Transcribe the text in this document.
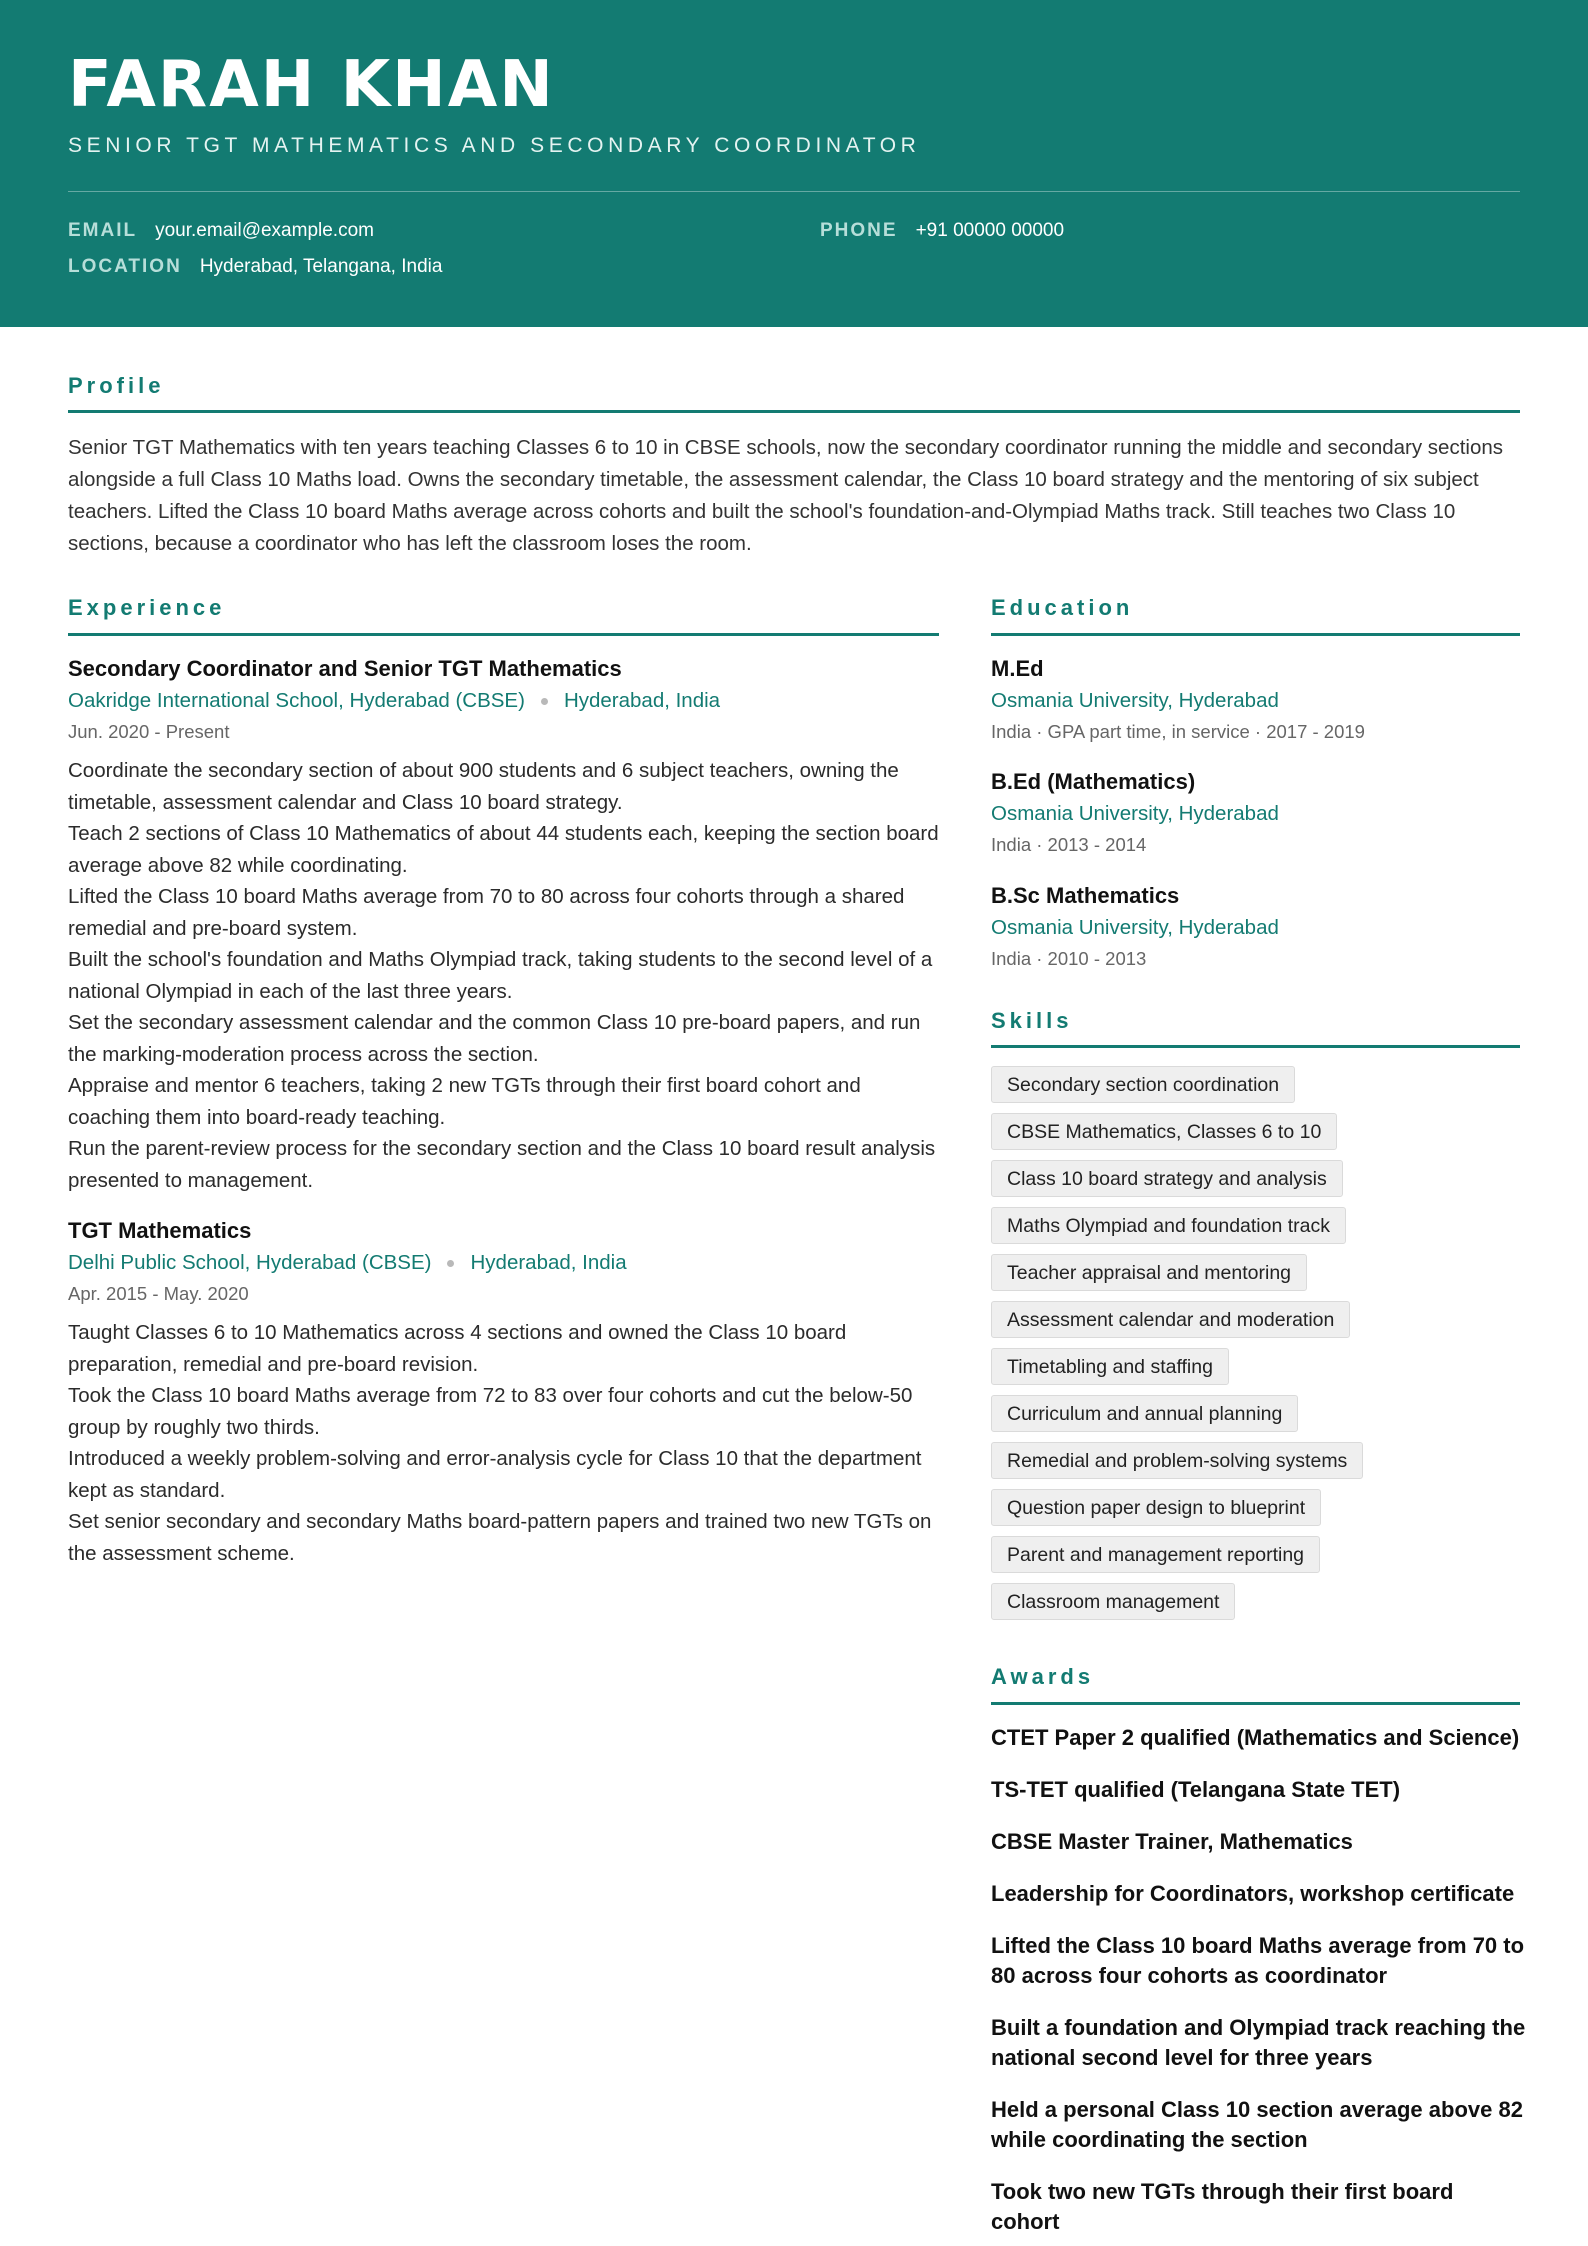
FARAH KHAN
SENIOR TGT MATHEMATICS AND SECONDARY COORDINATOR
EMAIL your.email@example.com	PHONE +91 00000 00000
LOCATION Hyderabad, Telangana, India
Profile
Senior TGT Mathematics with ten years teaching Classes 6 to 10 in CBSE schools, now the secondary coordinator running the middle and secondary sections alongside a full Class 10 Maths load. Owns the secondary timetable, the assessment calendar, the Class 10 board strategy and the mentoring of six subject teachers. Lifted the Class 10 board Maths average across cohorts and built the school's foundation-and-Olympiad Maths track. Still teaches two Class 10 sections, because a coordinator who has left the classroom loses the room.
Experience
Secondary Coordinator and Senior TGT Mathematics
Oakridge International School, Hyderabad (CBSE) Hyderabad, India
Jun. 2020 - Present
Coordinate the secondary section of about 900 students and 6 subject teachers, owning the timetable, assessment calendar and Class 10 board strategy.
Teach 2 sections of Class 10 Mathematics of about 44 students each, keeping the section board average above 82 while coordinating.
Lifted the Class 10 board Maths average from 70 to 80 across four cohorts through a shared remedial and pre-board system.
Built the school's foundation and Maths Olympiad track, taking students to the second level of a national Olympiad in each of the last three years.
Set the secondary assessment calendar and the common Class 10 pre-board papers, and run the marking-moderation process across the section.
Appraise and mentor 6 teachers, taking 2 new TGTs through their first board cohort and coaching them into board-ready teaching.
Run the parent-review process for the secondary section and the Class 10 board result analysis presented to management.
TGT Mathematics
Delhi Public School, Hyderabad (CBSE) Hyderabad, India
Apr. 2015 - May. 2020
Taught Classes 6 to 10 Mathematics across 4 sections and owned the Class 10 board preparation, remedial and pre-board revision.
Took the Class 10 board Maths average from 72 to 83 over four cohorts and cut the below-50 group by roughly two thirds.
Introduced a weekly problem-solving and error-analysis cycle for Class 10 that the department kept as standard.
Set senior secondary and secondary Maths board-pattern papers and trained two new TGTs on the assessment scheme.
Education
M.Ed
Osmania University, Hyderabad
India · GPA part time, in service · 2017 - 2019
B.Ed (Mathematics)
Osmania University, Hyderabad
India · 2013 - 2014
B.Sc Mathematics
Osmania University, Hyderabad
India · 2010 - 2013
Skills
Secondary section coordination
CBSE Mathematics, Classes 6 to 10
Class 10 board strategy and analysis
Maths Olympiad and foundation track
Teacher appraisal and mentoring
Assessment calendar and moderation
Timetabling and staffing
Curriculum and annual planning
Remedial and problem-solving systems
Question paper design to blueprint
Parent and management reporting
Classroom management
Awards
CTET Paper 2 qualified (Mathematics and Science)
TS-TET qualified (Telangana State TET)
CBSE Master Trainer, Mathematics
Leadership for Coordinators, workshop certificate
Lifted the Class 10 board Maths average from 70 to 80 across four cohorts as coordinator
Built a foundation and Olympiad track reaching the national second level for three years
Held a personal Class 10 section average above 82 while coordinating the section
Took two new TGTs through their first board cohort
